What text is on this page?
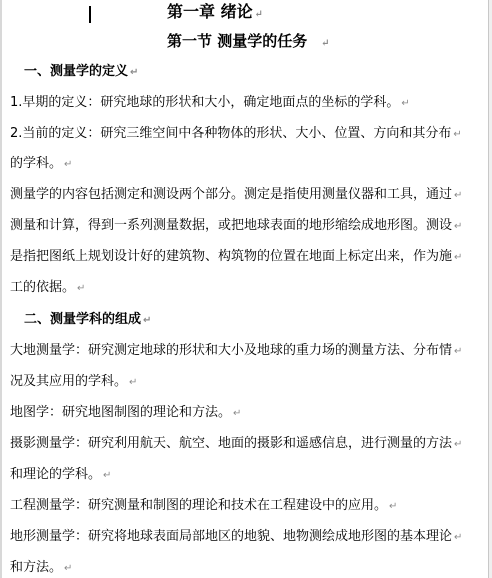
第一章 绪论 ↵
第一节 测量学的任务 ↵
一、测量学的定义 ↵
1.早期的定义：研究地球的形状和大小，确定地面点的坐标的学科。 ↵
2.当前的定义：研究三维空间中各种物体的形状、大小、位置、方向和其分布 ↵
的学科。 ↵
测量学的内容包括测定和测设两个部分。测定是指使用测量仪器和工具，通过 ↵
测量和计算，得到一系列测量数据，或把地球表面的地形缩绘成地形图。测设 ↵
是指把图纸上规划设计好的建筑物、构筑物的位置在地面上标定出来，作为施 ↵
工的依据。 ↵
二、测量学科的组成 ↵
大地测量学：研究测定地球的形状和大小及地球的重力场的测量方法、分布情 ↵
况及其应用的学科。 ↵
地图学：研究地图制图的理论和方法。 ↵
摄影测量学：研究利用航天、航空、地面的摄影和遥感信息，进行测量的方法 ↵
和理论的学科。 ↵
工程测量学：研究测量和制图的理论和技术在工程建设中的应用。 ↵
地形测量学：研究将地球表面局部地区的地貌、地物测绘成地形图的基本理论 ↵
和方法。 ↵
